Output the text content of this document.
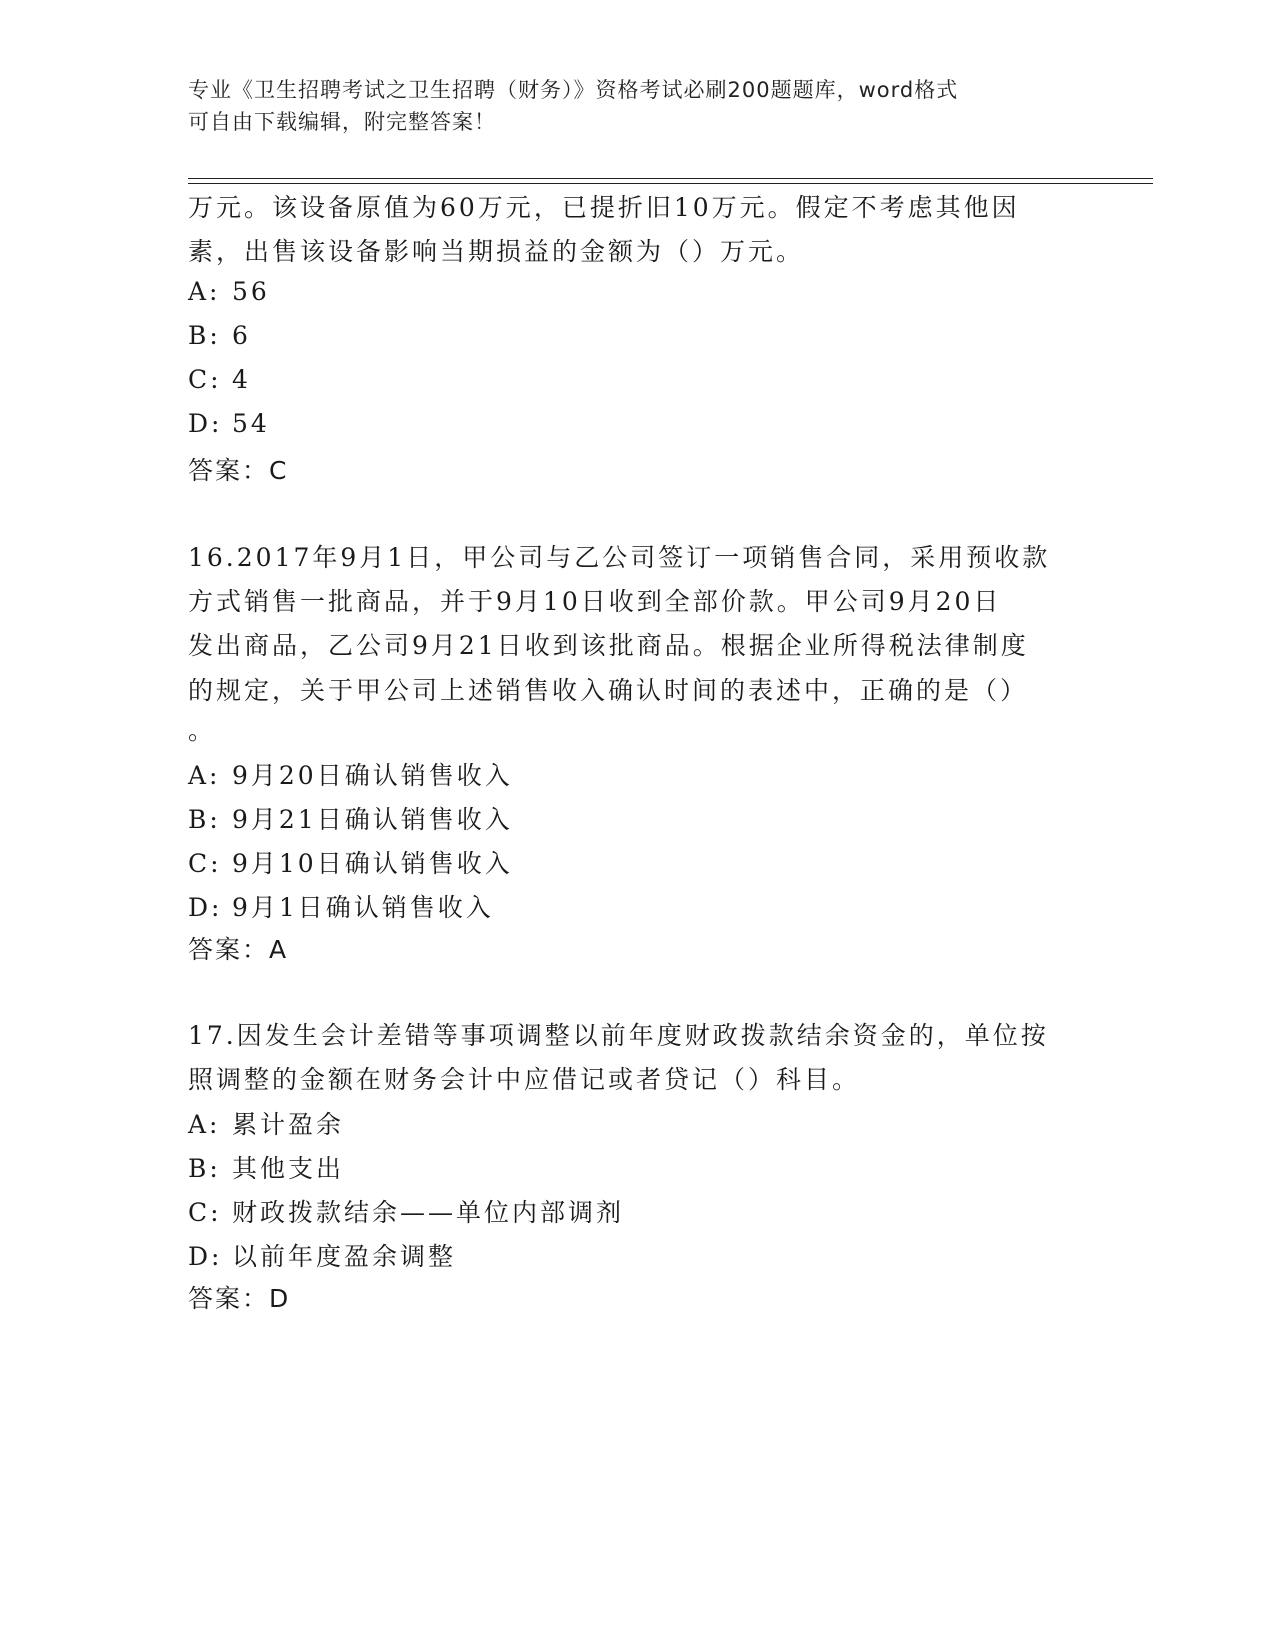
专业《卫生招聘考试之卫生招聘（财务）》资格考试必刷200题题库，word格式
可自由下载编辑，附完整答案！
万元。该设备原值为60万元，已提折旧10万元。假定不考虑其他因
素，出售该设备影响当期损益的金额为（）万元。
A: 56
B: 6
C: 4
D: 54
答案：C
16.2017年9月1日，甲公司与乙公司签订一项销售合同，采用预收款
方式销售一批商品，并于9月10日收到全部价款。甲公司9月20日
发出商品，乙公司9月21日收到该批商品。根据企业所得税法律制度
的规定，关于甲公司上述销售收入确认时间的表述中，正确的是（）
。
A: 9月20日确认销售收入
B: 9月21日确认销售收入
C: 9月10日确认销售收入
D: 9月1日确认销售收入
答案：A
17.因发生会计差错等事项调整以前年度财政拨款结余资金的，单位按
照调整的金额在财务会计中应借记或者贷记（）科目。
A: 累计盈余
B: 其他支出
C: 财政拨款结余——单位内部调剂
D: 以前年度盈余调整
答案：D
